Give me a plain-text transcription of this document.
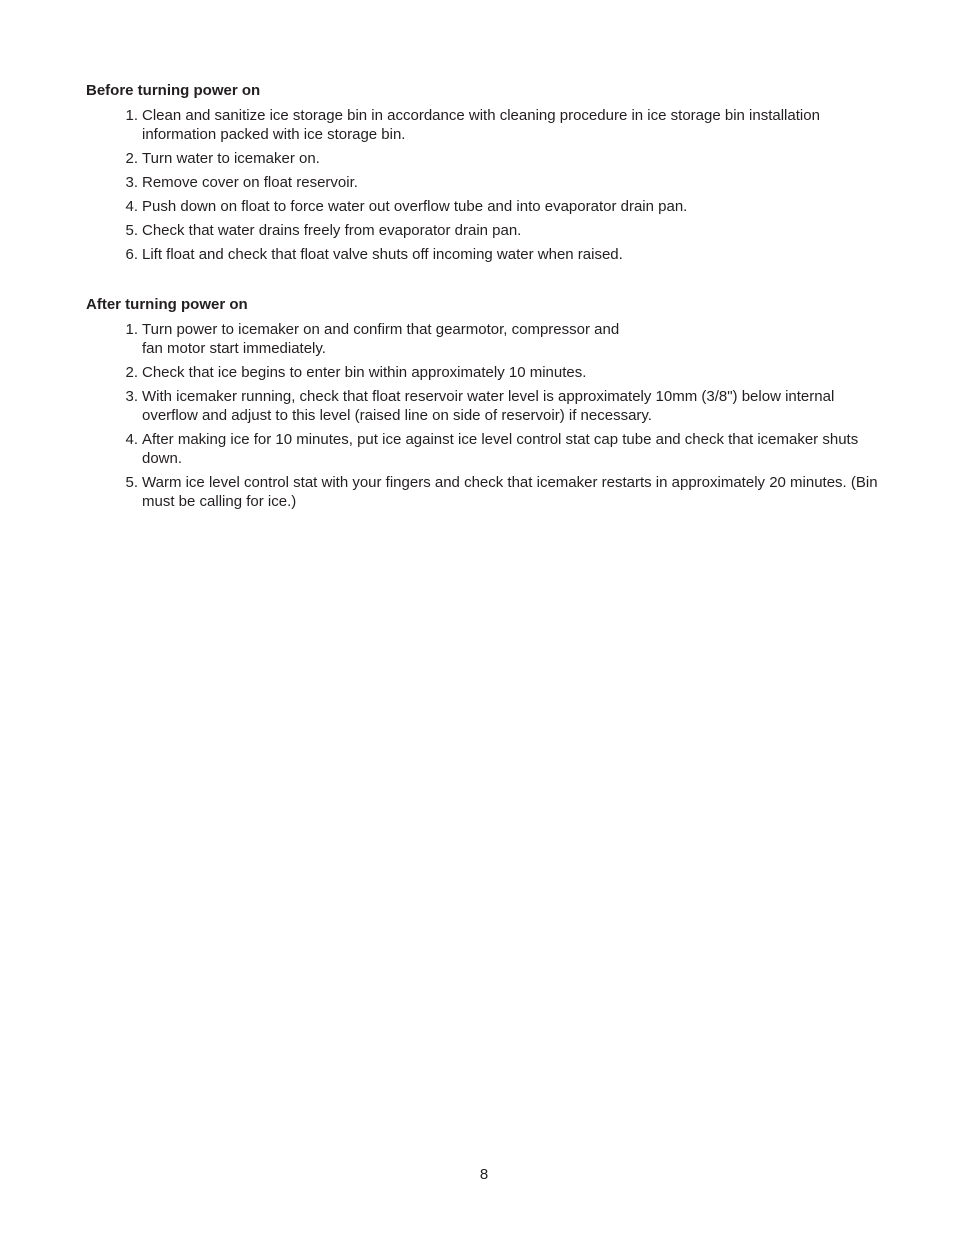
Before turning power on
1. Clean and sanitize ice storage bin in accordance with cleaning procedure in ice storage bin installation information packed with ice storage bin.
2. Turn water to icemaker on.
3. Remove cover on float reservoir.
4. Push down on float to force water out overflow tube and into evaporator drain pan.
5. Check that water drains freely from evaporator drain pan.
6. Lift float and check that float valve shuts off incoming water when raised.
After turning power on
1. Turn power to icemaker on and confirm that gearmotor, compressor and fan motor start immediately.
2. Check that ice begins to enter bin within approximately 10 minutes.
3. With icemaker running, check that float reservoir water level is approximately 10mm (3/8") below internal overflow and adjust to this level (raised line on side of reservoir) if necessary.
4. After making ice for 10 minutes, put ice against ice level control stat cap tube and check that icemaker shuts down.
5. Warm ice level control stat with your fingers and check that icemaker restarts in approximately 20 minutes. (Bin must be calling for ice.)
8
